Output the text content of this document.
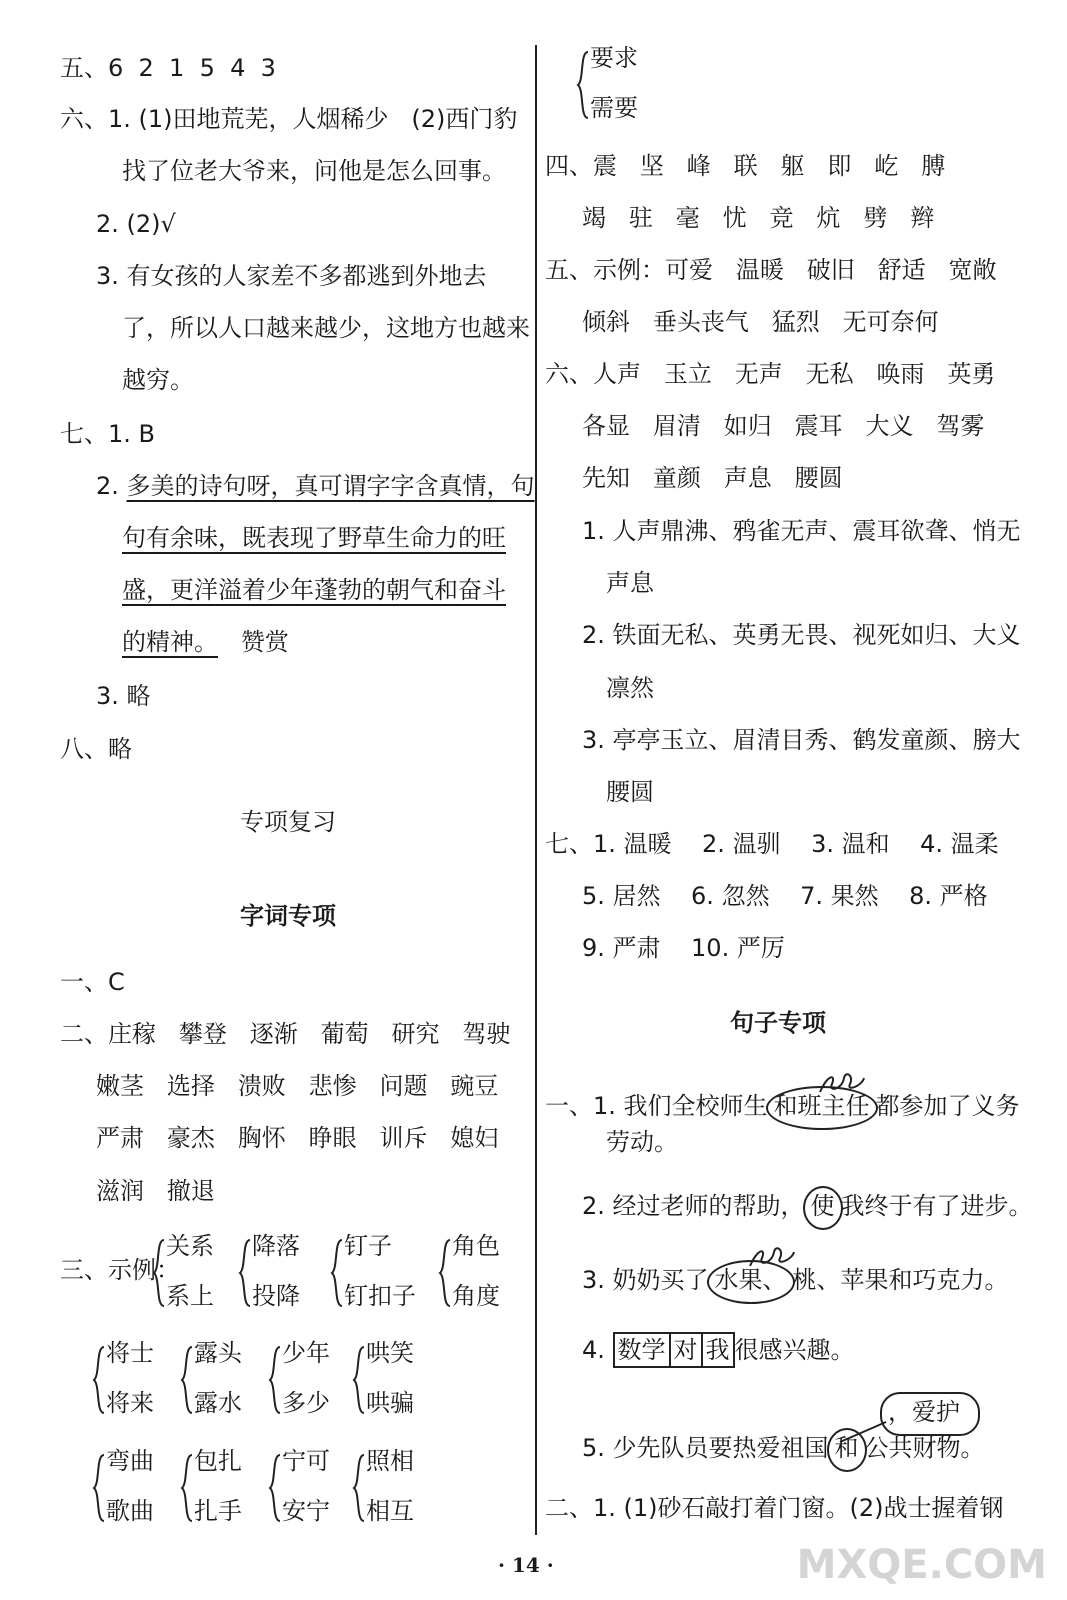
五、6  2  1  5  4  3
六、1. (1)田地荒芜，人烟稀少   (2)西门豹
找了位老大爷来，问他是怎么回事。
2. (2)√
3. 有女孩的人家差不多都逃到外地去
了，所以人口越来越少，这地方也越来
越穷。
七、1. B
2. 多美的诗句呀，真可谓字字含真情，句
句有余味，既表现了野草生命力的旺
盛，更洋溢着少年蓬勃的朝气和奋斗
的精神。   赞赏
3. 略
八、略
专项复习
字词专项
一、C
二、庄稼   攀登   逐渐   葡萄   研究   驾驶
嫩茎   选择   溃败   悲惨   问题   豌豆
严肃   豪杰   胸怀   睁眼   训斥   媳妇
滋润   撤退
三、示例：
关系
系上
降落
投降
钉子
钉扣子
角色
角度
将士
将来
露头
露水
少年
多少
哄笑
哄骗
弯曲
歌曲
包扎
扎手
宁可
安宁
照相
相互
要求
需要
四、震   坚   峰   联   躯   即   屹   膊
竭   驻   毫   忧   竞   炕   劈   辫
五、示例：可爱   温暖   破旧   舒适   宽敞
倾斜   垂头丧气   猛烈   无可奈何
六、人声   玉立   无声   无私   唤雨   英勇
各显   眉清   如归   震耳   大义   驾雾
先知   童颜   声息   腰圆
1. 人声鼎沸、鸦雀无声、震耳欲聋、悄无
声息
2. 铁面无私、英勇无畏、视死如归、大义
凛然
3. 亭亭玉立、眉清目秀、鹤发童颜、膀大
腰圆
七、1. 温暖    2. 温驯    3. 温和    4. 温柔
5. 居然    6. 忽然    7. 果然    8. 严格
9. 严肃    10. 严厉
句子专项
一、1. 我们全校师生 和班主任 都参加了义务
劳动。
2. 经过老师的帮助， 使 我终于有了进步。
3. 奶奶买了 水果、 桃、苹果和巧克力。
4. 数学 对 我 很感兴趣。
，爱护
5. 少先队员要热爱祖国 和 公共财物。
二、1. (1)砂石敲打着门窗。(2)战士握着钢
· 14 ·	MXQE.COM
